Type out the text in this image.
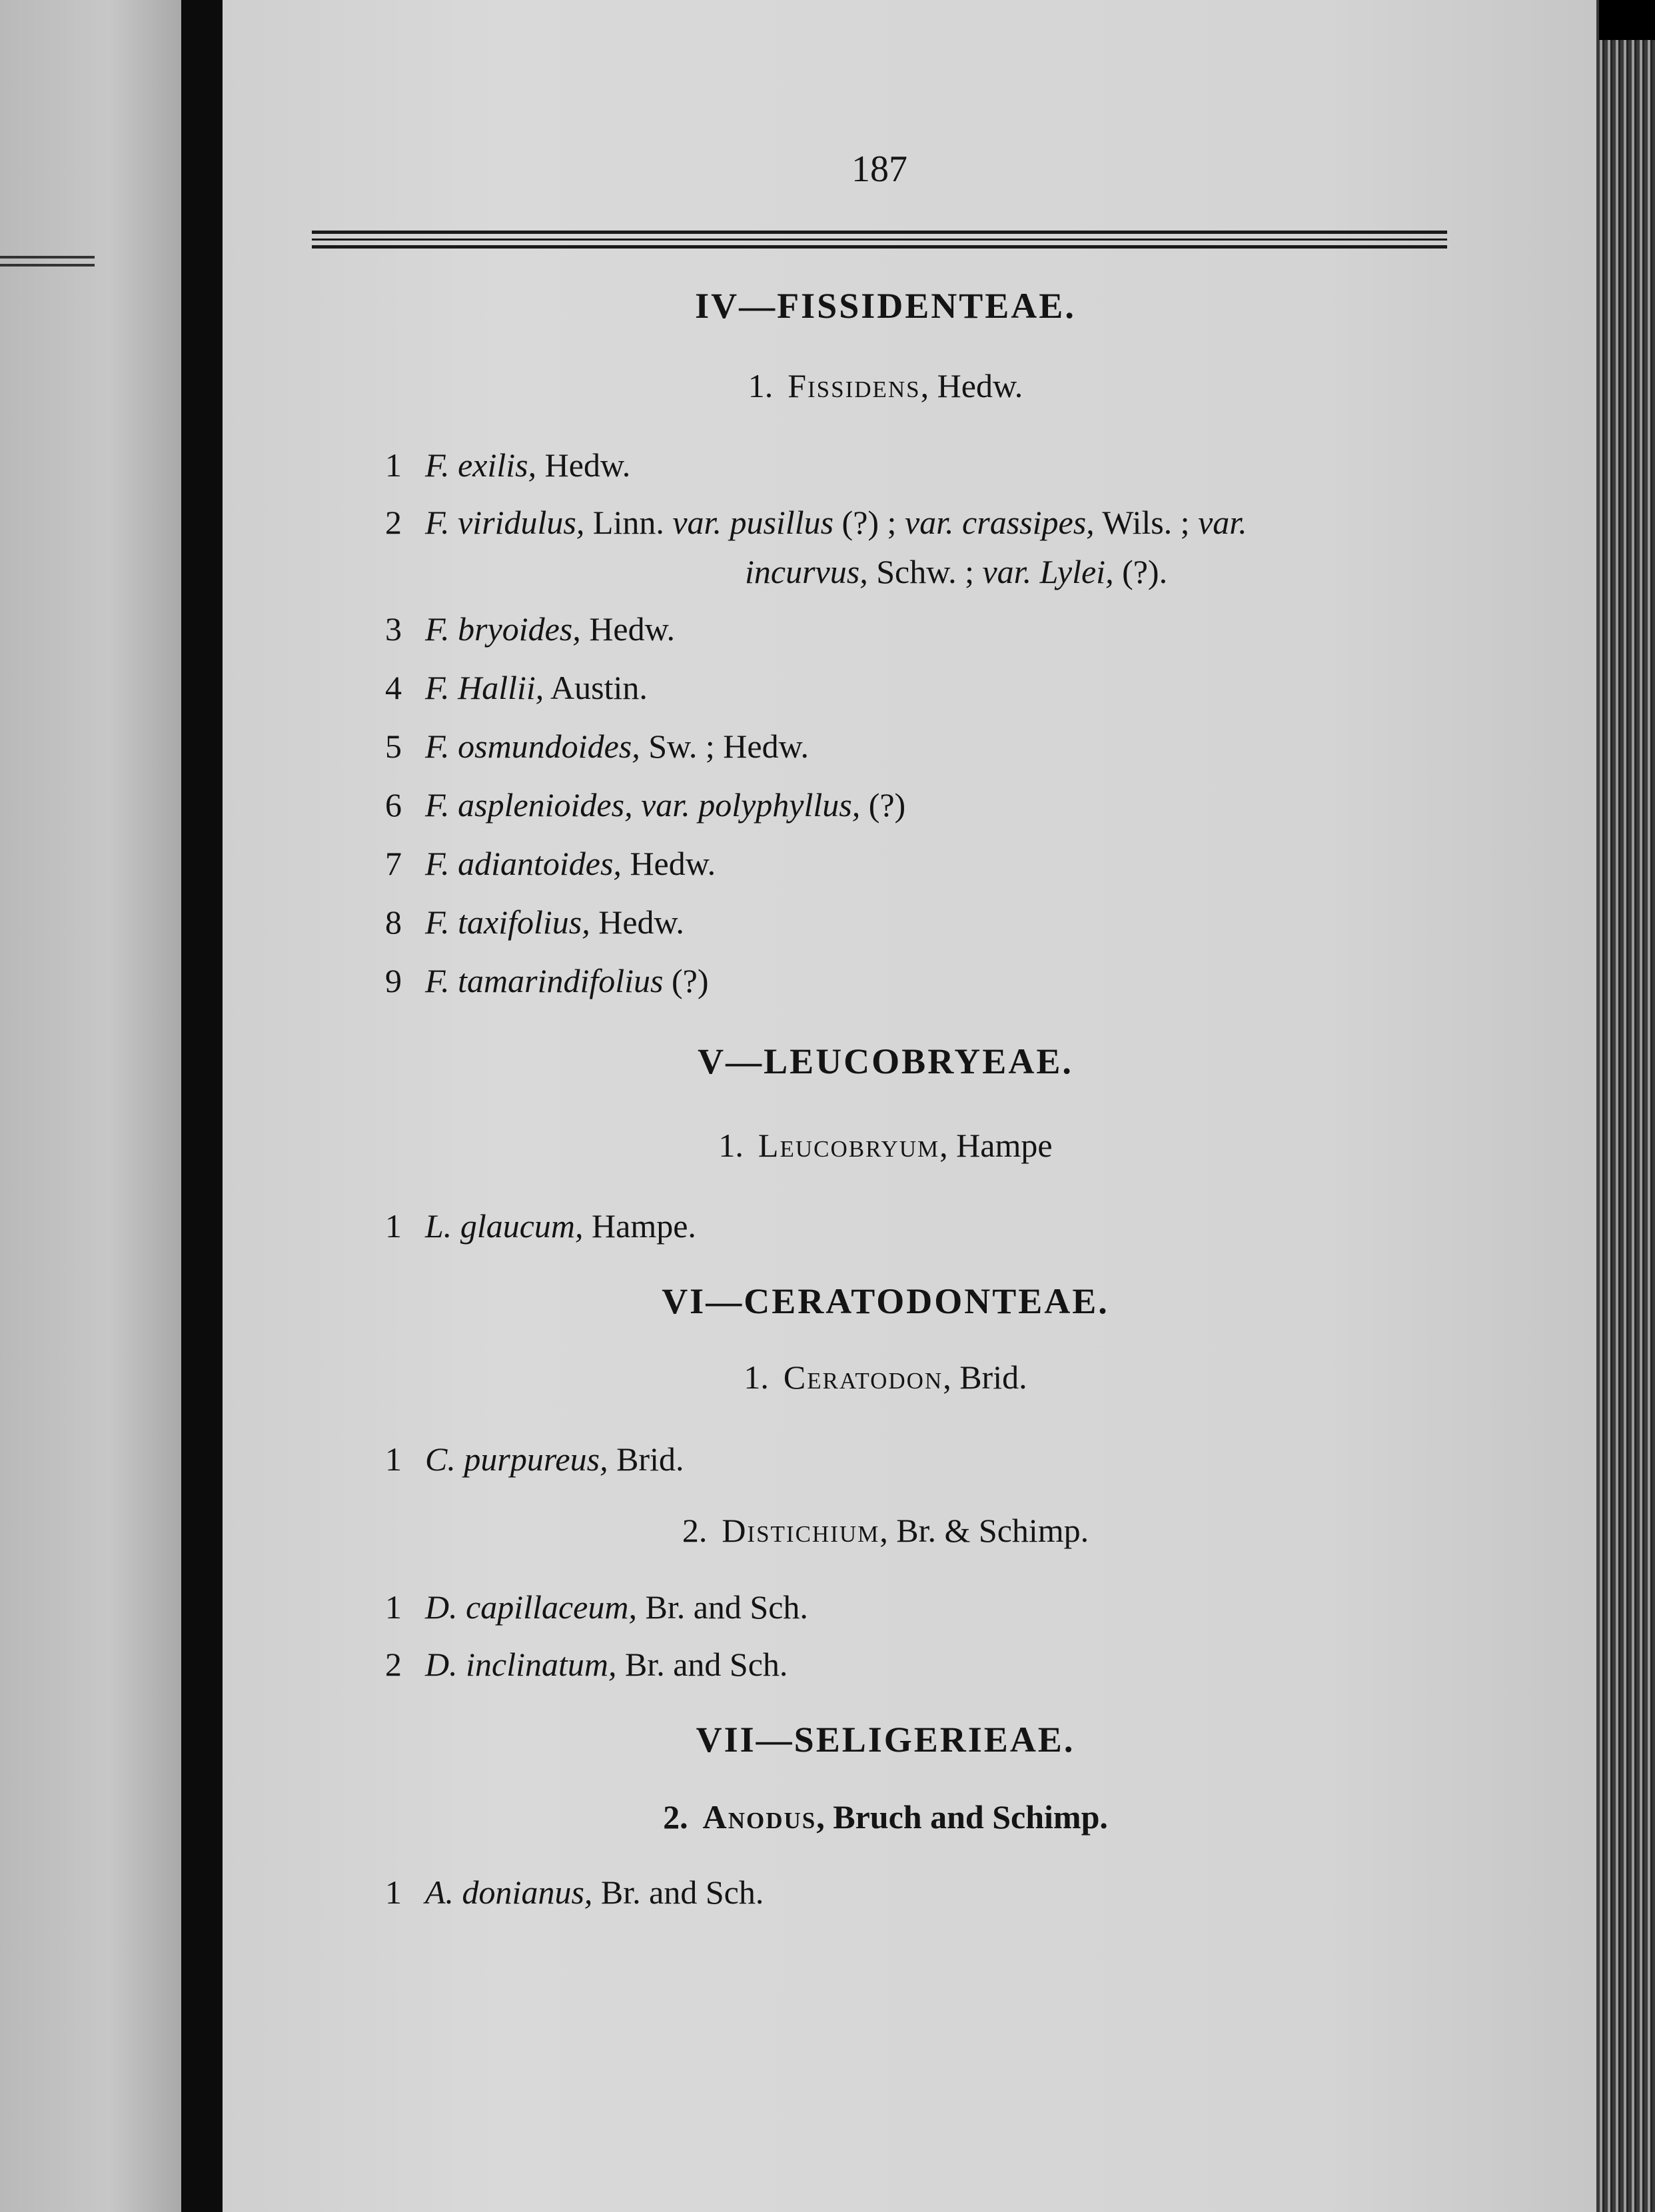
187
IV—FISSIDENTEAE.
1. Fissidens, Hedw.
1 F. exilis, Hedw.
2 F. viridulus, Linn. var. pusillus (?) ; var. crassipes, Wils. ; var.
incurvus, Schw. ; var. Lylei, (?).
3 F. bryoides, Hedw.
4 F. Hallii, Austin.
5 F. osmundoides, Sw. ; Hedw.
6 F. asplenioides, var. polyphyllus, (?)
7 F. adiantoides, Hedw.
8 F. taxifolius, Hedw.
9 F. tamarindifolius (?)
V—LEUCOBRYEAE.
1. Leucobryum, Hampe
1 L. glaucum, Hampe.
VI—CERATODONTEAE.
1. Ceratodon, Brid.
1 C. purpureus, Brid.
2. Distichium, Br. & Schimp.
1 D. capillaceum, Br. and Sch.
2 D. inclinatum, Br. and Sch.
VII—SELIGERIEAE.
2. Anodus, Bruch and Schimp.
1 A. donianus, Br. and Sch.
